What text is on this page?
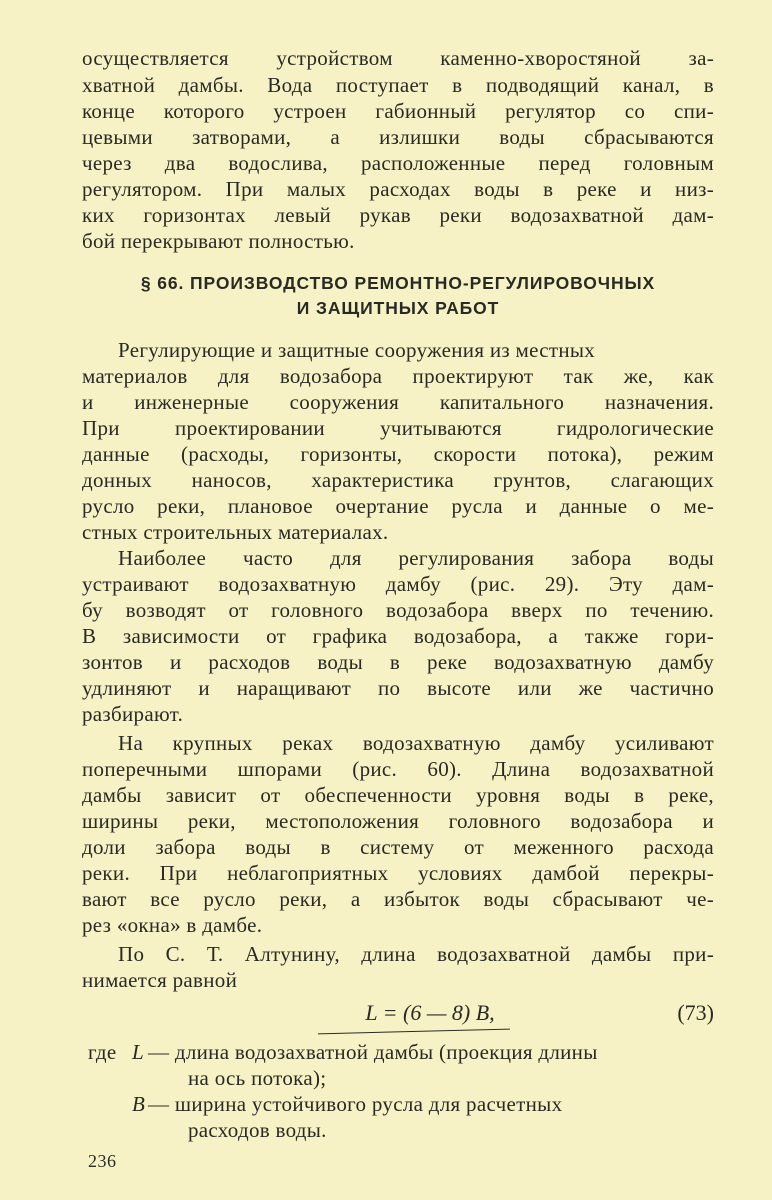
осуществляется устройством каменно-хворостяной за-
хватной дамбы. Вода поступает в подводящий канал, в
конце которого устроен габионный регулятор со спи-
цевыми затворами, а излишки воды сбрасываются
через два водослива, расположенные перед головным
регулятором. При малых расходах воды в реке и низ-
ких горизонтах левый рукав реки водозахватной дам-
бой перекрывают полностью.
§ 66. ПРОИЗВОДСТВО РЕМОНТНО-РЕГУЛИРОВОЧНЫХ
И ЗАЩИТНЫХ РАБОТ
Регулирующие и защитные сооружения из местных
материалов для водозабора проектируют так же, как
и инженерные сооружения капитального назначения.
При проектировании учитываются гидрологические
данные (расходы, горизонты, скорости потока), режим
донных наносов, характеристика грунтов, слагающих
русло реки, плановое очертание русла и данные о ме-
стных строительных материалах.
Наиболее часто для регулирования забора воды
устраивают водозахватную дамбу (рис. 29). Эту дам-
бу возводят от головного водозабора вверх по течению.
В зависимости от графика водозабора, а также гори-
зонтов и расходов воды в реке водозахватную дамбу
удлиняют и наращивают по высоте или же частично
разбирают.
На крупных реках водозахватную дамбу усиливают
поперечными шпорами (рис. 60). Длина водозахватной
дамбы зависит от обеспеченности уровня воды в реке,
ширины реки, местоположения головного водозабора и
доли забора воды в систему от меженного расхода
реки. При неблагоприятных условиях дамбой перекры-
вают все русло реки, а избыток воды сбрасывают че-
рез «окна» в дамбе.
По С. Т. Алтунину, длина водозахватной дамбы при-
нимается равной
L = (6 — 8) B,	(73)
где L — длина водозахватной дамбы (проекция длины
на ось потока);
B — ширина устойчивого русла для расчетных
расходов воды.
236
